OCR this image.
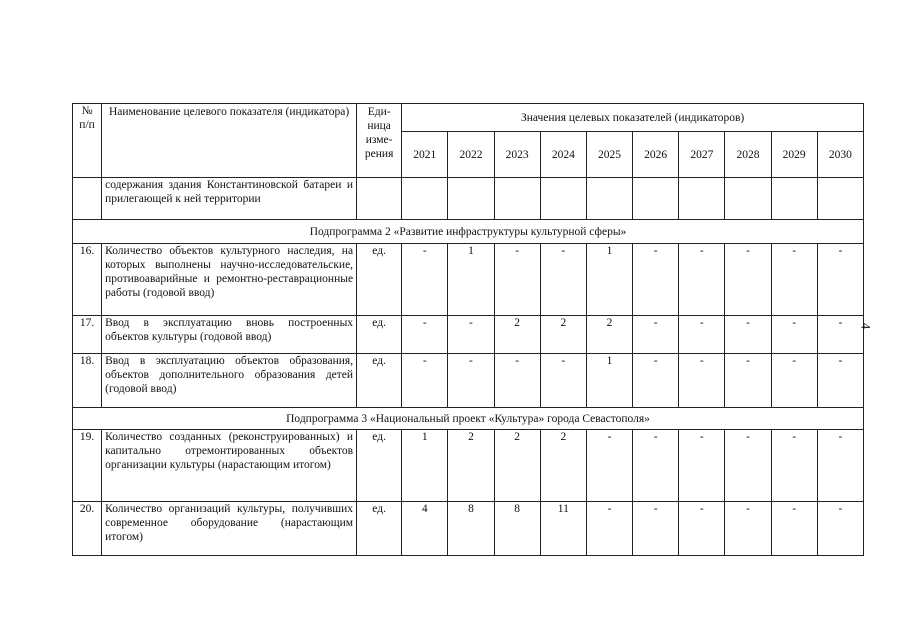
№ п/п	Наименование целевого показателя (индикатора)	Единица измерения	Значения целевых показателей (индикаторов)									
			2021	2022	2023	2024	2025	2026	2027	2028	2029	2030
	содержания здания Константиновской батареи и прилегающей к ней территории											
Подпрограмма 2 «Развитие инфраструктуры культурной сферы»												
16.	Количество объектов культурного наследия, на которых выполнены научно-исследовательские, противоаварийные и ремонтно-реставрационные работы (годовой ввод)	ед.	-	1	-	-	1	-	-	-	-	-
17.	Ввод в эксплуатацию вновь построенных объектов культуры (годовой ввод)	ед.	-	-	2	2	2	-	-	-	-	-
18.	Ввод в эксплуатацию объектов образования, объектов дополнительного образования детей (годовой ввод)	ед.	-	-	-	-	1	-	-	-	-	-
Подпрограмма 3 «Национальный проект «Культура» города Севастополя»												
19.	Количество созданных (реконструированных) и капитально отремонтированных объектов организации культуры (нарастающим итогом)	ед.	1	2	2	2	-	-	-	-	-	-
20.	Количество организаций культуры, получивших современное оборудование (нарастающим итогом)	ед.	4	8	8	11	-	-	-	-	-	-
4
